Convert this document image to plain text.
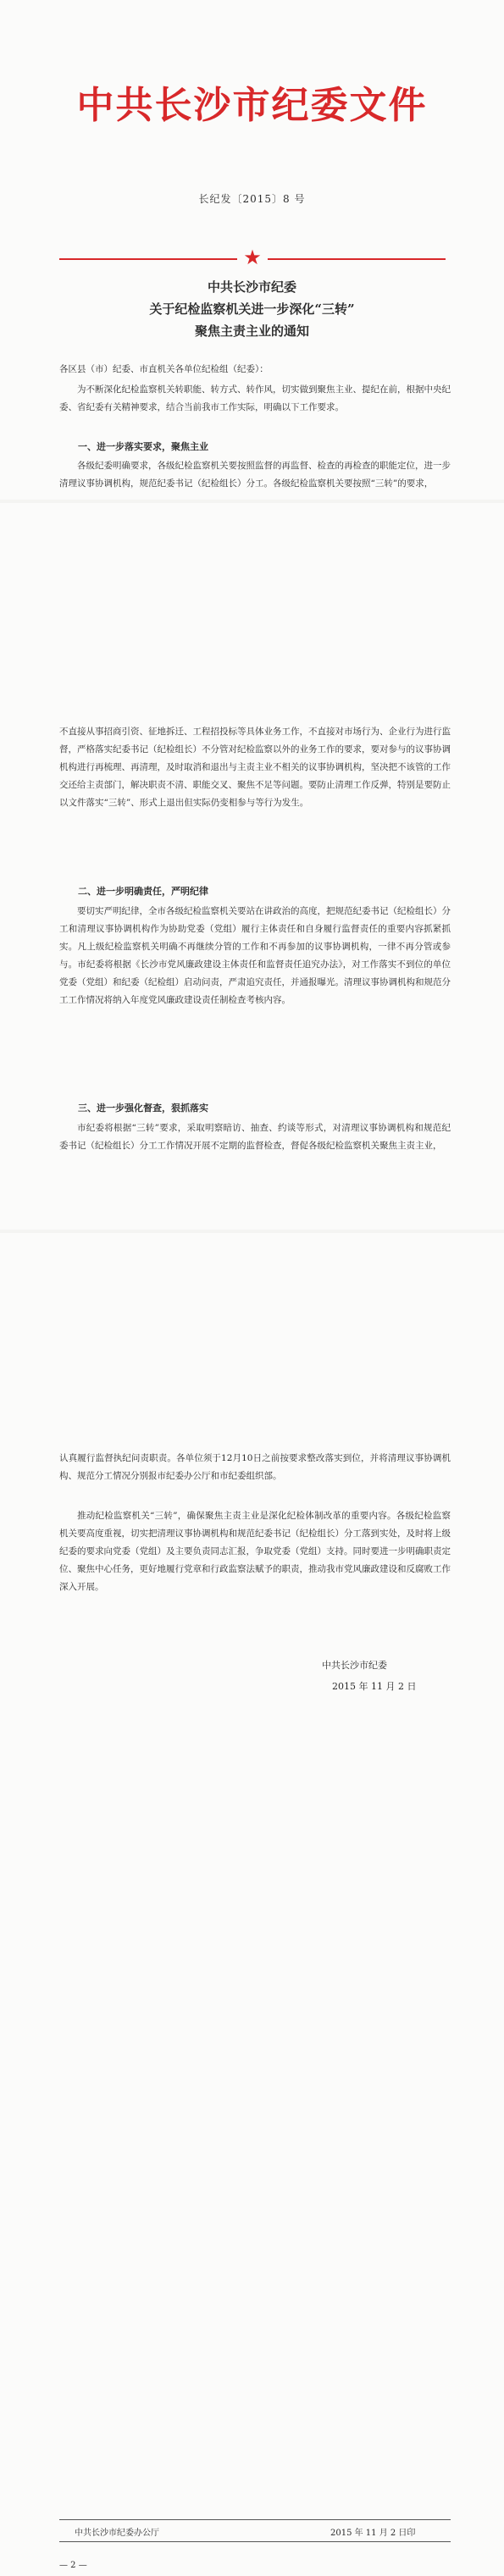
中共长沙市纪委文件
长纪发〔2015〕8 号
★
中共长沙市纪委
关于纪检监察机关进一步深化“三转”
聚焦主责主业的通知
各区县（市）纪委、市直机关各单位纪检组（纪委）：
为不断深化纪检监察机关转职能、转方式、转作风，切实做到聚焦主业、提纪在前，根据中央纪委、省纪委有关精神要求，结合当前我市工作实际，明确以下工作要求。
一、进一步落实要求，聚焦主业
各级纪委明确要求，各级纪检监察机关要按照监督的再监督、检查的再检查的职能定位，进一步清理议事协调机构，规范纪委书记（纪检组长）分工。各级纪检监察机关要按照“三转”的要求，
不直接从事招商引资、征地拆迁、工程招投标等具体业务工作，不直接对市场行为、企业行为进行监督，严格落实纪委书记（纪检组长）不分管对纪检监察以外的业务工作的要求，要对参与的议事协调机构进行再梳理、再清理，及时取消和退出与主责主业不相关的议事协调机构，坚决把不该管的工作交还给主责部门，解决职责不清、职能交叉、聚焦不足等问题。要防止清理工作反弹，特别是要防止以文件落实“三转”、形式上退出但实际仍变相参与等行为发生。
二、进一步明确责任，严明纪律
要切实严明纪律，全市各级纪检监察机关要站在讲政治的高度，把规范纪委书记（纪检组长）分工和清理议事协调机构作为协助党委（党组）履行主体责任和自身履行监督责任的重要内容抓紧抓实。凡上级纪检监察机关明确不再继续分管的工作和不再参加的议事协调机构，一律不再分管或参与。市纪委将根据《长沙市党风廉政建设主体责任和监督责任追究办法》，对工作落实不到位的单位党委（党组）和纪委（纪检组）启动问责，严肃追究责任，并通报曝光。清理议事协调机构和规范分工工作情况将纳入年度党风廉政建设责任制检查考核内容。
三、进一步强化督查，狠抓落实
市纪委将根据“三转”要求，采取明察暗访、抽查、约谈等形式，对清理议事协调机构和规范纪委书记（纪检组长）分工工作情况开展不定期的监督检查，督促各级纪检监察机关聚焦主责主业，
认真履行监督执纪问责职责。各单位须于12月10日之前按要求整改落实到位，并将清理议事协调机构、规范分工情况分别报市纪委办公厅和市纪委组织部。
推动纪检监察机关“三转”，确保聚焦主责主业是深化纪检体制改革的重要内容。各级纪检监察机关要高度重视，切实把清理议事协调机构和规范纪委书记（纪检组长）分工落到实处，及时将上级纪委的要求向党委（党组）及主要负责同志汇报，争取党委（党组）支持。同时要进一步明确职责定位、聚焦中心任务，更好地履行党章和行政监察法赋予的职责，推动我市党风廉政建设和反腐败工作深入开展。
中共长沙市纪委
2015 年 11 月 2 日
中共长沙市纪委办公厅	2015 年 11 月 2 日印
— 2 —
